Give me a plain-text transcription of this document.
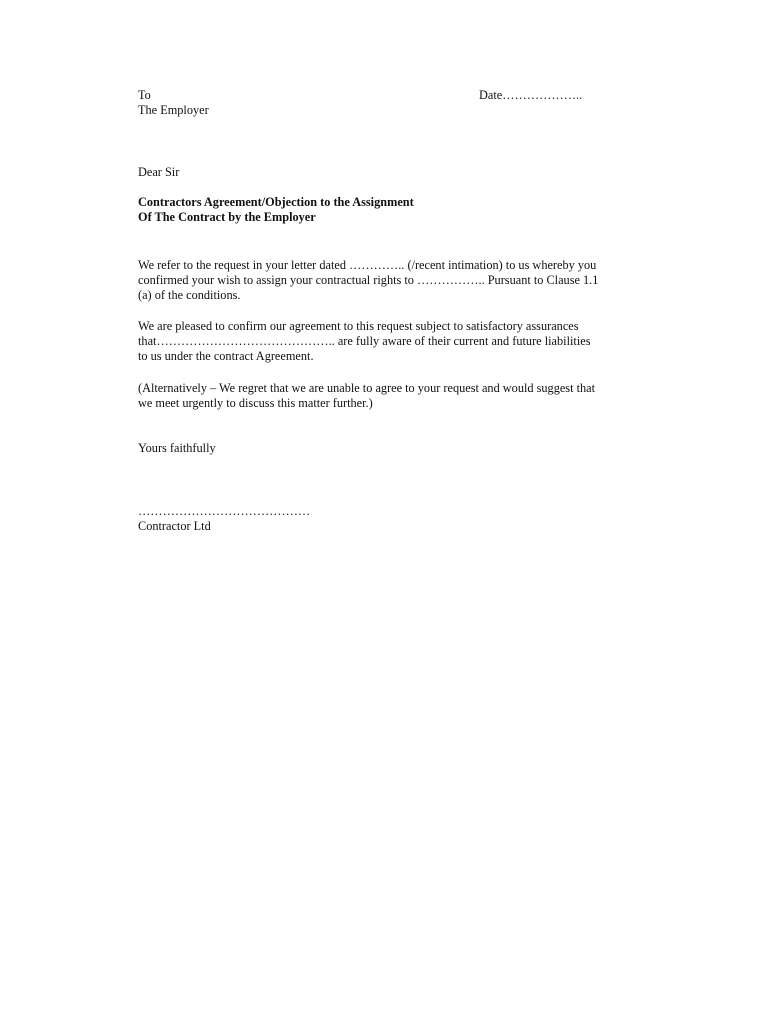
To
The Employer
Date………………..
Dear Sir
Contractors Agreement/Objection to the Assignment
Of The Contract by the Employer
We refer to the request in your letter dated ………….. (/recent intimation) to us whereby you
confirmed your wish to assign your contractual rights to …………….. Pursuant to Clause 1.1
(a) of the conditions.
We are pleased to confirm our agreement to this request subject to satisfactory assurances
that…………………………………….. are fully aware of their current and future liabilities
to us under the contract Agreement.
(Alternatively – We regret that we are unable to agree to your request and would suggest that
we meet urgently to discuss this matter further.)
Yours faithfully
……………………………………
Contractor Ltd
